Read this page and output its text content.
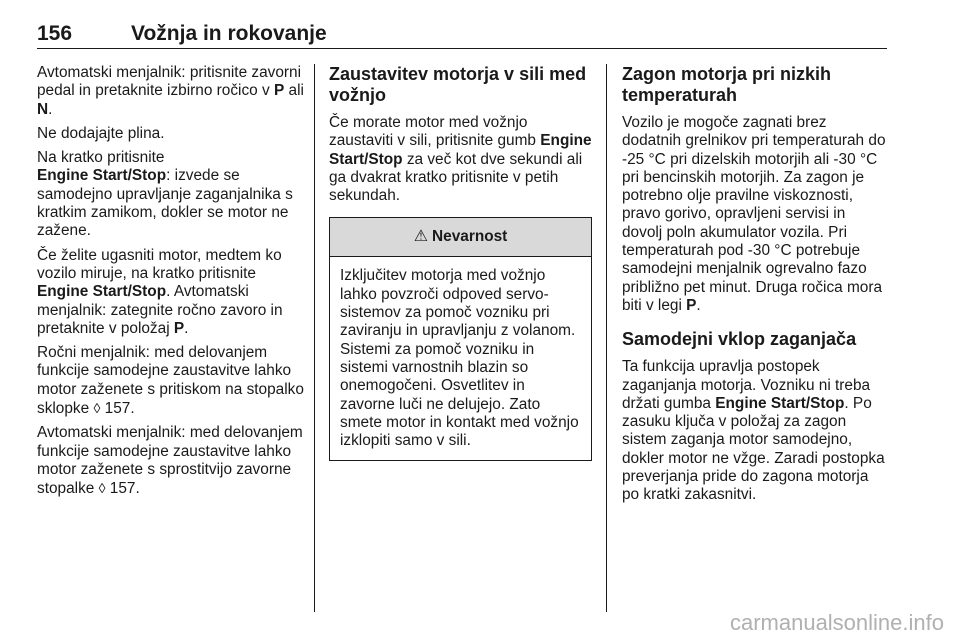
156	Vožnja in rokovanje

Avtomatski menjalnik: pritisnite zavorni pedal in pretaknite izbirno ročico v P ali N.

Ne dodajajte plina.

Na kratko pritisnite
Engine Start/Stop: izvede se samodejno upravljanje zaganjalnika s kratkim zamikom, dokler se motor ne zažene.

Če želite ugasniti motor, medtem ko vozilo miruje, na kratko pritisnite Engine Start/Stop. Avtomatski menjalnik: zategnite ročno zavoro in pretaknite v položaj P.

Ročni menjalnik: med delovanjem funkcije samodejne zaustavitve lahko motor zaženete s pritiskom na stopalko sklopke ◊ 157.

Avtomatski menjalnik: med delovanjem funkcije samodejne zaustavitve lahko motor zaženete s sprostitvijo zavorne stopalke ◊ 157.

Zaustavitev motorja v sili med vožnjo

Če morate motor med vožnjo zaustaviti v sili, pritisnite gumb Engine Start/Stop za več kot dve sekundi ali ga dvakrat kratko pritisnite v petih sekundah.

⚠ Nevarnost
Izključitev motorja med vožnjo lahko povzroči odpoved servo-sistemov za pomoč vozniku pri zaviranju in upravljanju z volanom. Sistemi za pomoč vozniku in sistemi varnostnih blazin so onemogočeni. Osvetlitev in zavorne luči ne delujejo. Zato smete motor in kontakt med vožnjo izklopiti samo v sili.
Zagon motorja pri nizkih temperaturah

Vozilo je mogoče zagnati brez dodatnih grelnikov pri temperaturah do -25 °C pri dizelskih motorjih ali -30 °C pri bencinskih motorjih. Za zagon je potrebno olje pravilne viskoznosti, pravo gorivo, opravljeni servisi in dovolj poln akumulator vozila. Pri temperaturah pod -30 °C potrebuje samodejni menjalnik ogrevalno fazo približno pet minut. Druga ročica mora biti v legi P.

Samodejni vklop zaganjača

Ta funkcija upravlja postopek zaganjanja motorja. Vozniku ni treba držati gumba Engine Start/Stop. Po zasuku ključa v položaj za zagon sistem zaganja motor samodejno, dokler motor ne vžge. Zaradi postopka preverjanja pride do zagona motorja po kratki zakasnitvi.

carmanualsonline.info
